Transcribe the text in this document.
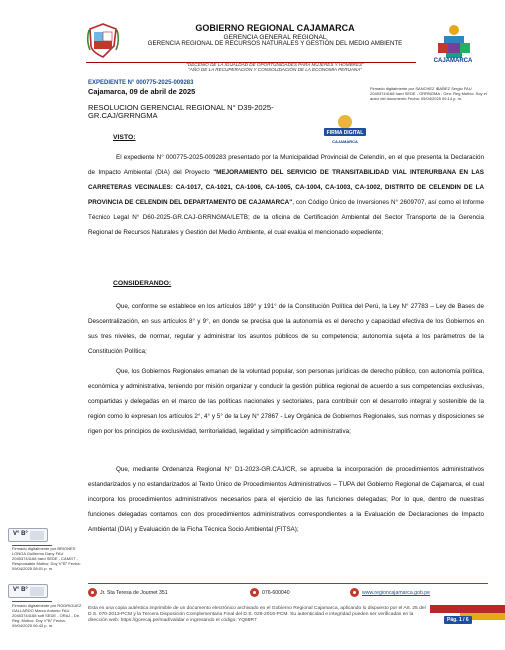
GOBIERNO REGIONAL CAJAMARCA
GERENCIA GENERAL REGIONAL
GERENCIA REGIONAL DE RECURSOS NATURALES Y GESTIÓN DEL MEDIO AMBIENTE
CAJAMARCA
"DECENIO DE LA IGUALDAD DE OPORTUNIDADES PARA MUJERES Y HOMBRES"
"AÑO DE LA RECUPERACIÓN Y CONSOLIDACIÓN DE LA ECONOMÍA PERUANA"
EXPEDIENTE N° 000775-2025-009283
Cajamarca, 09 de abril de 2025
RESOLUCION GERENCIAL REGIONAL N° D39-2025-GR.CAJ/GRRNGMA
FIRMA DIGITAL
CAJAMARCA
Firmado digitalmente por SANCHEZ IBAÑEZ Sergio FAU 20453744168 hard SEDE - GRRNGMA - Gen. Reg Motivo: Soy el autor del documento Fecha: 09/04/2025 09:14 p. m.
VISTO:
El expediente N° 000775-2025-009283 presentado por la Municipalidad Provincial de Celendín, en el que presenta la Declaración de Impacto Ambiental (DIA) del Proyecto "MEJORAMIENTO DEL SERVICIO DE TRANSITABILIDAD VIAL INTERURBANA EN LAS CARRETERAS VECINALES: CA-1017, CA-1021, CA-1006, CA-1005, CA-1004, CA-1003, CA-1002, DISTRITO DE CELENDIN DE LA PROVINCIA DE CELENDIN DEL DEPARTAMENTO DE CAJAMARCA", con Código Único de Inversiones N° 2609707, así como el Informe Técnico Legal N° D60-2025-GR.CAJ-GRRNGMA/LETB; de la oficina de Certificación Ambiental del Sector Transporte de la Gerencia Regional de Recursos Naturales y Gestión del Medio Ambiente, el cual evalúa el mencionado expediente;
CONSIDERANDO:
Que, conforme se establece en los artículos 189° y 191° de la Constitución Política del Perú, la Ley N° 27783 – Ley de Bases de Descentralización, en sus artículos 8° y 9°, en donde se precisa que la autonomía es el derecho y capacidad efectiva de los Gobiernos en sus tres niveles, de normar, regular y administrar los asuntos públicos de su competencia; autonomía sujeta a los parámetros de la Constitución Política;
Que, los Gobiernos Regionales emanan de la voluntad popular, son personas jurídicas de derecho público, con autonomía política, económica y administrativa, teniendo por misión organizar y conducir la gestión pública regional de acuerdo a sus competencias exclusivas, compartidas y delegadas en el marco de las políticas nacionales y sectoriales, para contribuir con el desarrollo integral y sostenible de la región como lo expresan los artículos 2°, 4° y 5° de la Ley N° 27867 - Ley Orgánica de Gobiernos Regionales, sus normas y disposiciones se rigen por los principios de exclusividad, territorialidad, legalidad y simplificación administrativa;
Que, mediante Ordenanza Regional N° D1-2023-GR.CAJ/CR, se aprueba la incorporación de procedimientos administrativos estandarizados y no estandarizados al Texto Único de Procedimientos Administrativos – TUPA del Gobierno Regional de Cajamarca, el cual incorpora los procedimientos administrativos necesarios para el ejercicio de las funciones delegadas; Por lo que, dentro de nuestras funciones delegadas contamos con dos procedimientos administrativos correspondientes a la Evaluación de Declaraciones de Impacto Ambiental (DIA) y Evaluación de la Ficha Técnica Socio Ambiental (FITSA);
V° B°
Firmado digitalmente por BRIONES LONGA Guillermo Dany FAU 20453744168 hard SEDE - CAMGT - Responsable Motivo: Doy V°B° Fecha: 09/04/2025 08:01 p. m.
V° B°
Firmado digitalmente por RODRIGUEZ GALLARDO Marco Antonio FAU 20453744168 soft SEDE - ORAJ - Dir. Reg. Motivo: Doy V°B° Fecha: 09/04/2025 06:43 p. m.
Jr. Sta Teresa de Journet 351	076-600040	www.regioncajamarca.gob.pe
Esta es una copia auténtica imprimible de un documento electrónico archivado en el Gobierno Regional Cajamarca, aplicando lo dispuesto por el Art. 25 del D.S. 070-2013-PCM y la Tercera Disposición Complementaria Final del D.S. 026-2016-PCM. Su autenticidad e integridad pueden ser verificadas en la dirección web: https://gorecaj.pe/mad/validar e ingresando el código: YQ58R7	Pág. 1 / 6
